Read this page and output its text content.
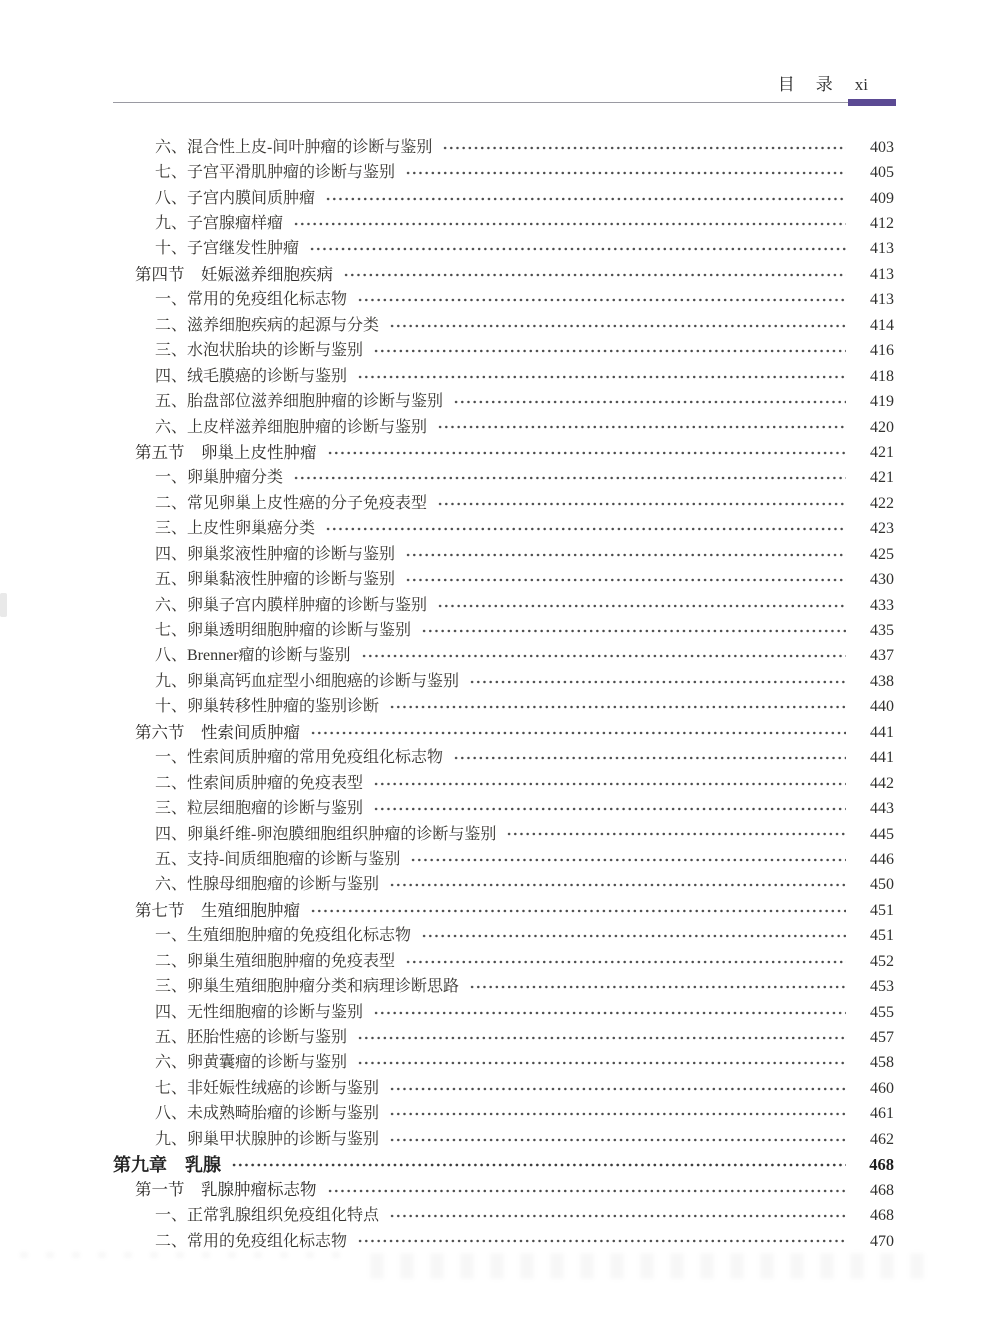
目　录 xi
六、混合性上皮-间叶肿瘤的诊断与鉴别	403
七、子宫平滑肌肿瘤的诊断与鉴别	405
八、子宫内膜间质肿瘤	409
九、子宫腺瘤样瘤	412
十、子宫继发性肿瘤	413
第四节　妊娠滋养细胞疾病	413
一、常用的免疫组化标志物	413
二、滋养细胞疾病的起源与分类	414
三、水泡状胎块的诊断与鉴别	416
四、绒毛膜癌的诊断与鉴别	418
五、胎盘部位滋养细胞肿瘤的诊断与鉴别	419
六、上皮样滋养细胞肿瘤的诊断与鉴别	420
第五节　卵巢上皮性肿瘤	421
一、卵巢肿瘤分类	421
二、常见卵巢上皮性癌的分子免疫表型	422
三、上皮性卵巢癌分类	423
四、卵巢浆液性肿瘤的诊断与鉴别	425
五、卵巢黏液性肿瘤的诊断与鉴别	430
六、卵巢子宫内膜样肿瘤的诊断与鉴别	433
七、卵巢透明细胞肿瘤的诊断与鉴别	435
八、Brenner瘤的诊断与鉴别	437
九、卵巢高钙血症型小细胞癌的诊断与鉴别	438
十、卵巢转移性肿瘤的鉴别诊断	440
第六节　性索间质肿瘤	441
一、性索间质肿瘤的常用免疫组化标志物	441
二、性索间质肿瘤的免疫表型	442
三、粒层细胞瘤的诊断与鉴别	443
四、卵巢纤维-卵泡膜细胞组织肿瘤的诊断与鉴别	445
五、支持-间质细胞瘤的诊断与鉴别	446
六、性腺母细胞瘤的诊断与鉴别	450
第七节　生殖细胞肿瘤	451
一、生殖细胞肿瘤的免疫组化标志物	451
二、卵巢生殖细胞肿瘤的免疫表型	452
三、卵巢生殖细胞肿瘤分类和病理诊断思路	453
四、无性细胞瘤的诊断与鉴别	455
五、胚胎性癌的诊断与鉴别	457
六、卵黄囊瘤的诊断与鉴别	458
七、非妊娠性绒癌的诊断与鉴别	460
八、未成熟畸胎瘤的诊断与鉴别	461
九、卵巢甲状腺肿的诊断与鉴别	462
第九章　乳腺	468
第一节　乳腺肿瘤标志物	468
一、正常乳腺组织免疫组化特点	468
二、常用的免疫组化标志物	470
